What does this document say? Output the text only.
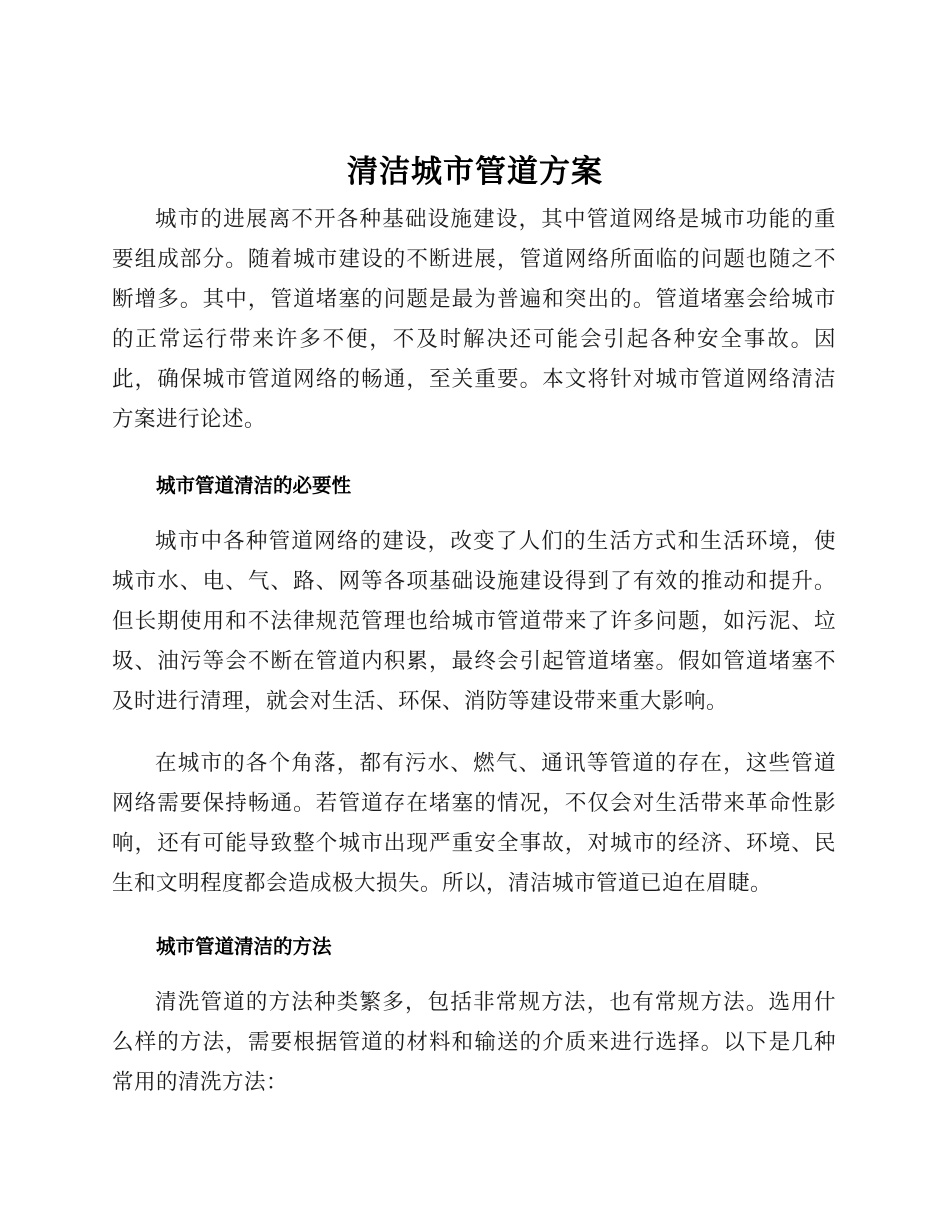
清洁城市管道方案

城市的进展离不开各种基础设施建设，其中管道网络是城市功能的重要组成部分。随着城市建设的不断进展，管道网络所面临的问题也随之不断增多。其中，管道堵塞的问题是最为普遍和突出的。管道堵塞会给城市的正常运行带来许多不便，不及时解决还可能会引起各种安全事故。因此，确保城市管道网络的畅通，至关重要。本文将针对城市管道网络清洁方案进行论述。

城市管道清洁的必要性

城市中各种管道网络的建设，改变了人们的生活方式和生活环境，使城市水、电、气、路、网等各项基础设施建设得到了有效的推动和提升。但长期使用和不法律规范管理也给城市管道带来了许多问题，如污泥、垃圾、油污等会不断在管道内积累，最终会引起管道堵塞。假如管道堵塞不及时进行清理，就会对生活、环保、消防等建设带来重大影响。

在城市的各个角落，都有污水、燃气、通讯等管道的存在，这些管道网络需要保持畅通。若管道存在堵塞的情况，不仅会对生活带来革命性影响，还有可能导致整个城市出现严重安全事故，对城市的经济、环境、民生和文明程度都会造成极大损失。所以，清洁城市管道已迫在眉睫。

城市管道清洁的方法

清洗管道的方法种类繁多，包括非常规方法，也有常规方法。选用什么样的方法，需要根据管道的材料和输送的介质来进行选择。以下是几种常用的清洗方法：
